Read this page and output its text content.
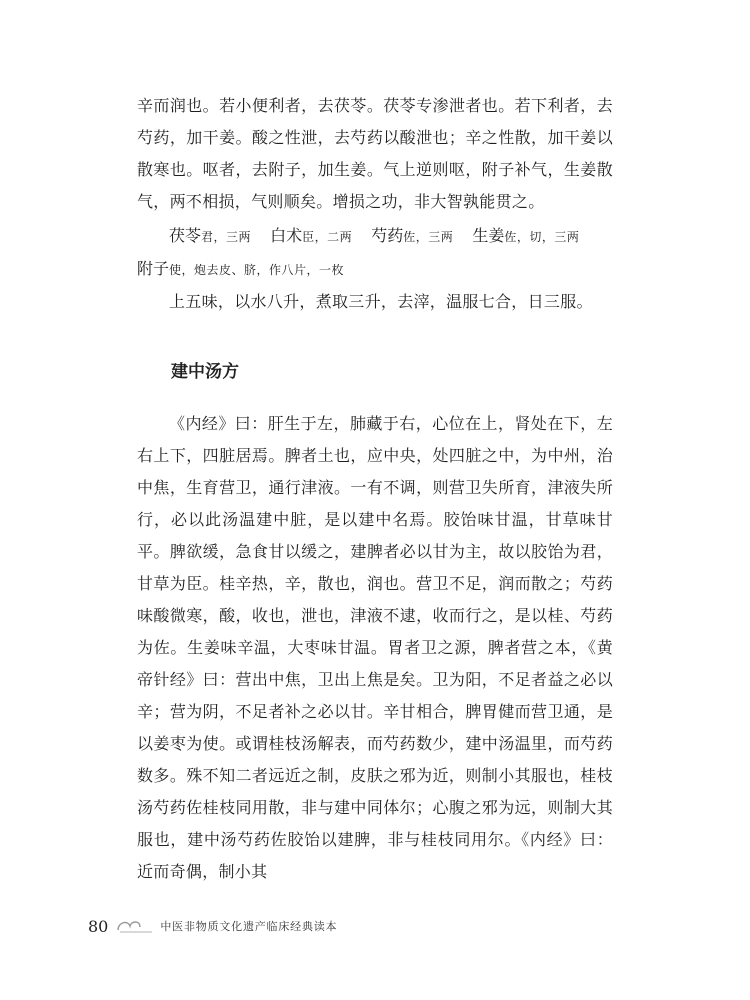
辛而润也。若小便利者，去茯苓。茯苓专渗泄者也。若下利者，去芍药，加干姜。酸之性泄，去芍药以酸泄也；辛之性散，加干姜以散寒也。呕者，去附子，加生姜。气上逆则呕，附子补气，生姜散气，两不相损，气则顺矣。增损之功，非大智孰能贯之。

茯苓君，三两 白术臣，二两 芍药佐，三两 生姜佐，切，三两 附子使，炮去皮、脐，作八片，一枚

上五味，以水八升，煮取三升，去滓，温服七合，日三服。

建中汤方

《内经》曰：肝生于左，肺藏于右，心位在上，肾处在下，左右上下，四脏居焉。脾者土也，应中央，处四脏之中，为中州，治中焦，生育营卫，通行津液。一有不调，则营卫失所育，津液失所行，必以此汤温建中脏，是以建中名焉。胶饴味甘温，甘草味甘平。脾欲缓，急食甘以缓之，建脾者必以甘为主，故以胶饴为君，甘草为臣。桂辛热，辛，散也，润也。营卫不足，润而散之；芍药味酸微寒，酸，收也，泄也，津液不逮，收而行之，是以桂、芍药为佐。生姜味辛温，大枣味甘温。胃者卫之源，脾者营之本，《黄帝针经》曰：营出中焦，卫出上焦是矣。卫为阳，不足者益之必以辛；营为阴，不足者补之必以甘。辛甘相合，脾胃健而营卫通，是以姜枣为使。或谓桂枝汤解表，而芍药数少，建中汤温里，而芍药数多。殊不知二者远近之制，皮肤之邪为近，则制小其服也，桂枝汤芍药佐桂枝同用散，非与建中同体尔；心腹之邪为远，则制大其服也，建中汤芍药佐胶饴以建脾，非与桂枝同用尔。《内经》曰：近而奇偶，制小其

80	中医非物质文化遗产临床经典读本
